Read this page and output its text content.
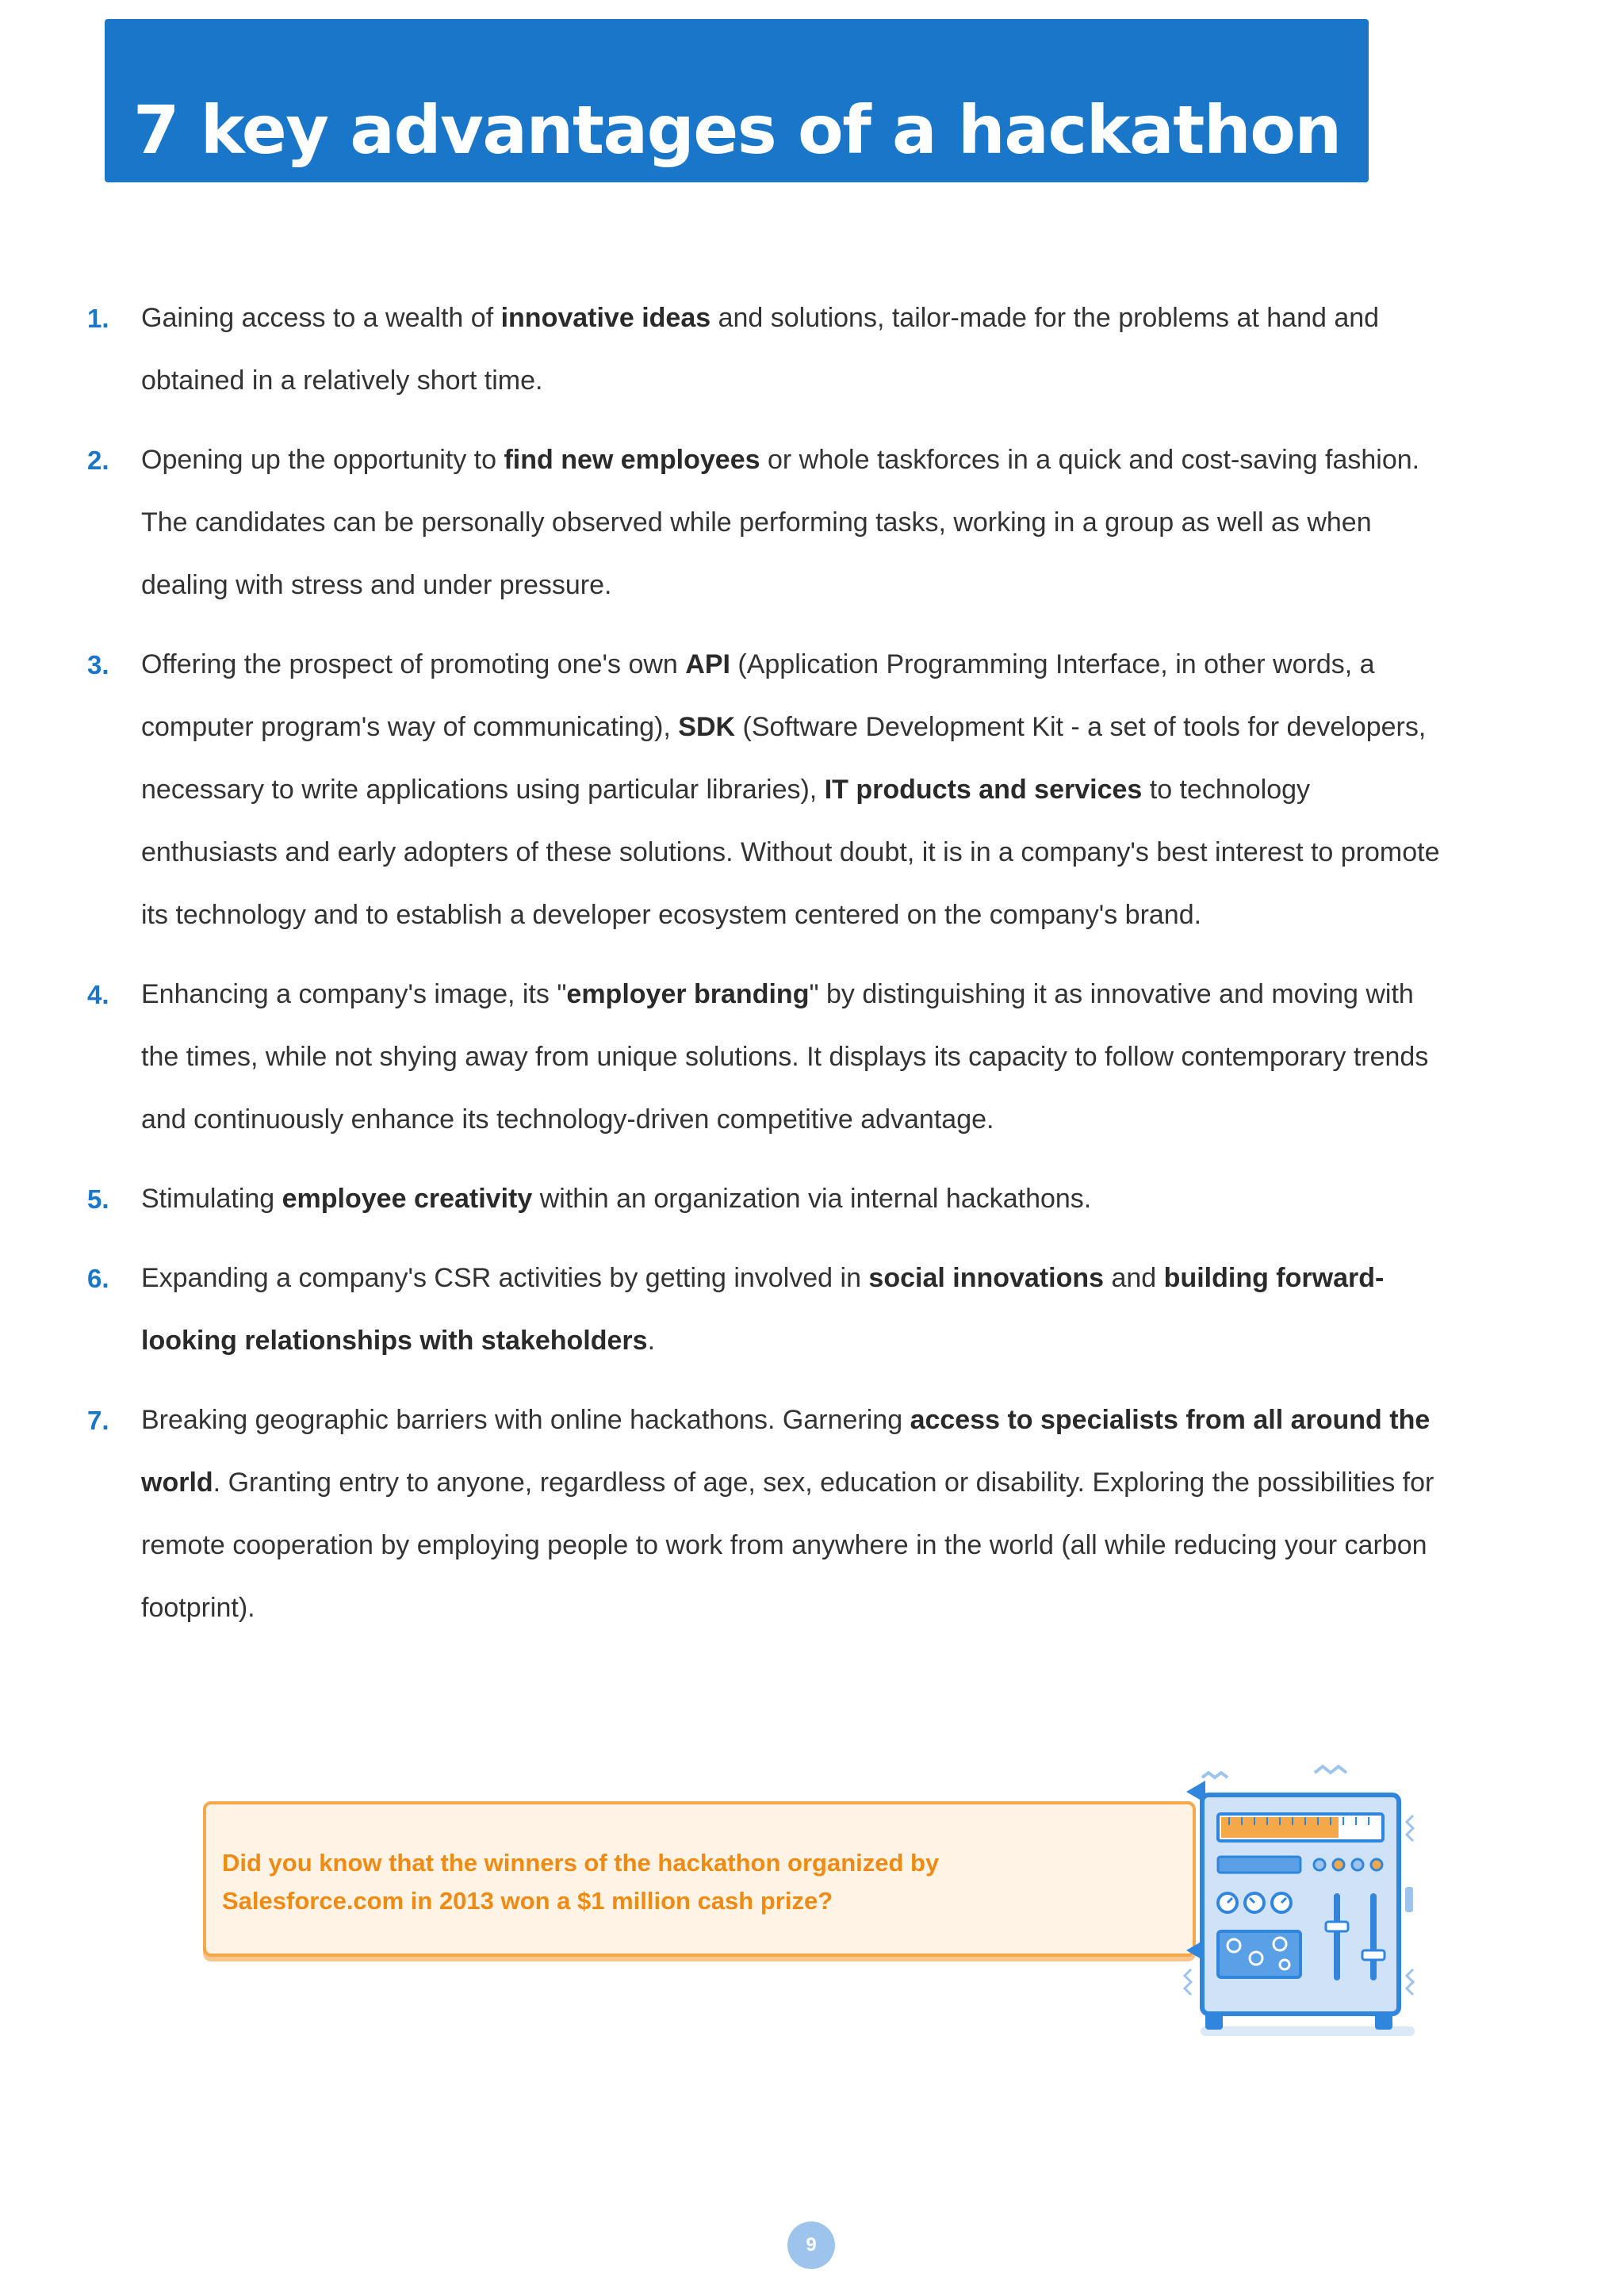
7 key advantages of a hackathon
1.	Gaining access to a wealth of innovative ideas and solutions, tailor-made for the problems at hand and obtained in a relatively short time.
2.	Opening up the opportunity to find new employees or whole taskforces in a quick and cost-saving fashion. The candidates can be personally observed while performing tasks, working in a group as well as when dealing with stress and under pressure.
3.	Offering the prospect of promoting one's own API (Application Programming Interface, in other words, a computer program's way of communicating), SDK (Software Development Kit - a set of tools for developers, necessary to write applications using particular libraries), IT products and services to technology enthusiasts and early adopters of these solutions. Without doubt, it is in a company's best interest to promote its technology and to establish a developer ecosystem centered on the company's brand.
4.	Enhancing a company's image, its "employer branding" by distinguishing it as innovative and moving with the times, while not shying away from unique solutions. It displays its capacity to follow contemporary trends and continuously enhance its technology-driven competitive advantage.
5.	Stimulating employee creativity within an organization via internal hackathons.
6.	Expanding a company's CSR activities by getting involved in social innovations and building forward-looking relationships with stakeholders.
7.	Breaking geographic barriers with online hackathons. Garnering access to specialists from all around the world. Granting entry to anyone, regardless of age, sex, education or disability. Exploring the possibilities for remote cooperation by employing people to work from anywhere in the world (all while reducing your carbon footprint).
Did you know that the winners of the hackathon organized by
Salesforce.com in 2013 won a $1 million cash prize?
9
